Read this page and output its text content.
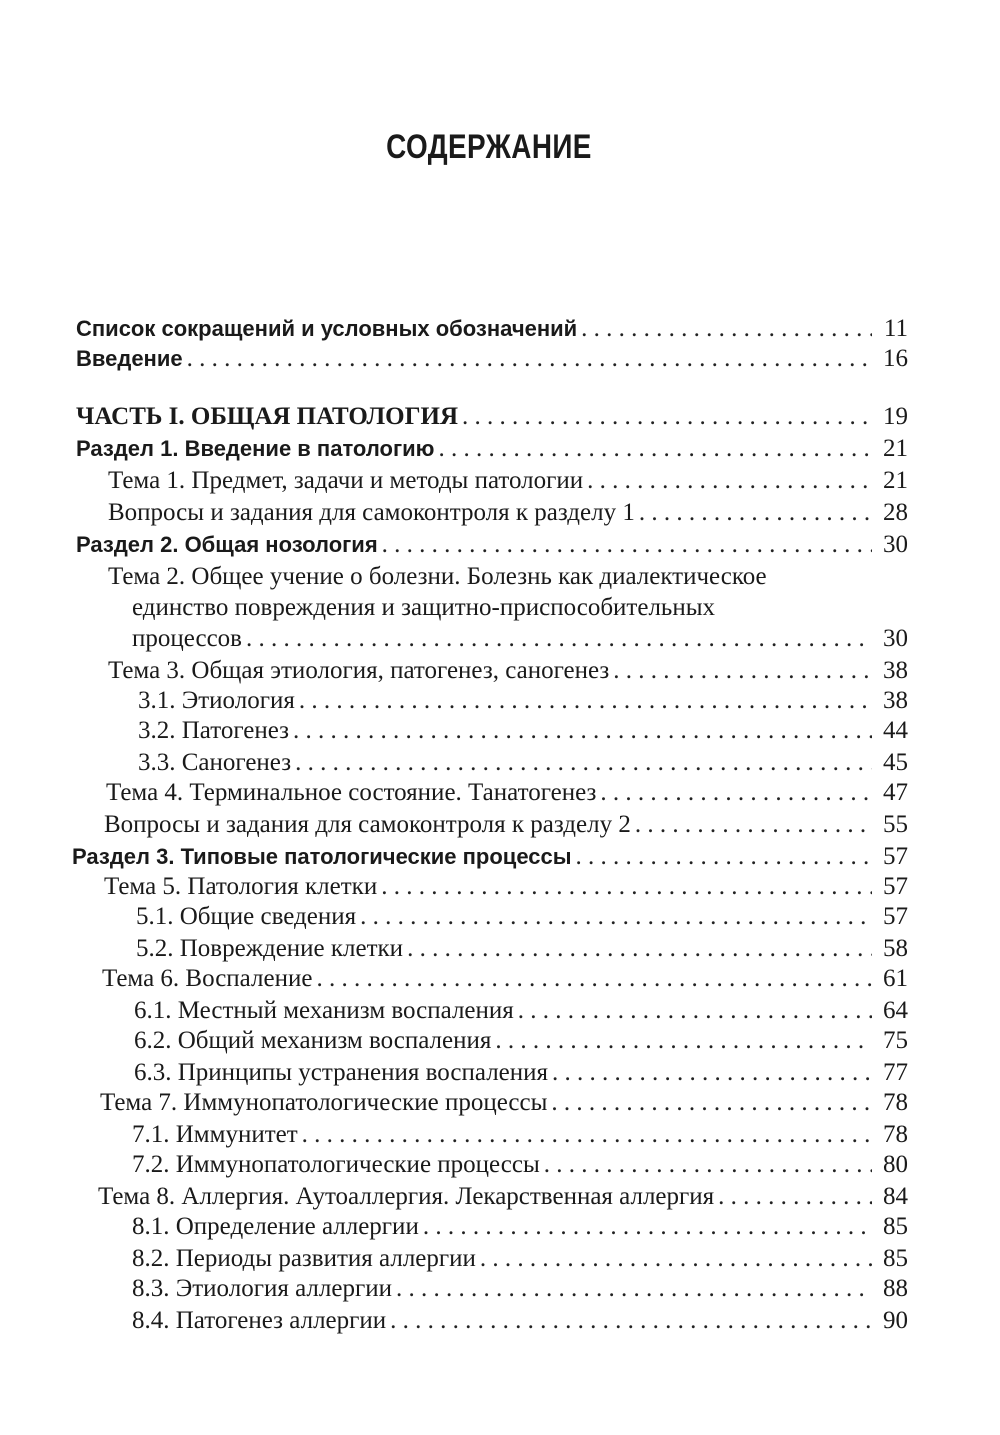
СОДЕРЖАНИЕ
Список сокращений и условных обозначений . . .	11
Введение . . .	16
ЧАСТЬ I. ОБЩАЯ ПАТОЛОГИЯ . . .	19
Раздел 1. Введение в патологию . . .	21
Тема 1. Предмет, задачи и методы патологии . . .	21
Вопросы и задания для самоконтроля к разделу 1 . . .	28
Раздел 2. Общая нозология . . .	30
Тема 2. Общее учение о болезни. Болезнь как диалектическое
единство повреждения и защитно-приспособительных
процессов . . .	30
Тема 3. Общая этиология, патогенез, саногенез . . .	38
3.1. Этиология . . .	38
3.2. Патогенез . . .	44
3.3. Саногенез . . .	45
Тема 4. Терминальное состояние. Танатогенез . . .	47
Вопросы и задания для самоконтроля к разделу 2 . . .	55
Раздел 3. Типовые патологические процессы . . .	57
Тема 5. Патология клетки . . .	57
5.1. Общие сведения . . .	57
5.2. Повреждение клетки . . .	58
Тема 6. Воспаление . . .	61
6.1. Местный механизм воспаления . . .	64
6.2. Общий механизм воспаления . . .	75
6.3. Принципы устранения воспаления . . .	77
Тема 7. Иммунопатологические процессы . . .	78
7.1. Иммунитет . . .	78
7.2. Иммунопатологические процессы . . .	80
Тема 8. Аллергия. Аутоаллергия. Лекарственная аллергия . . .	84
8.1. Определение аллергии . . .	85
8.2. Периоды развития аллергии . . .	85
8.3. Этиология аллергии . . .	88
8.4. Патогенез аллергии . . .	90
